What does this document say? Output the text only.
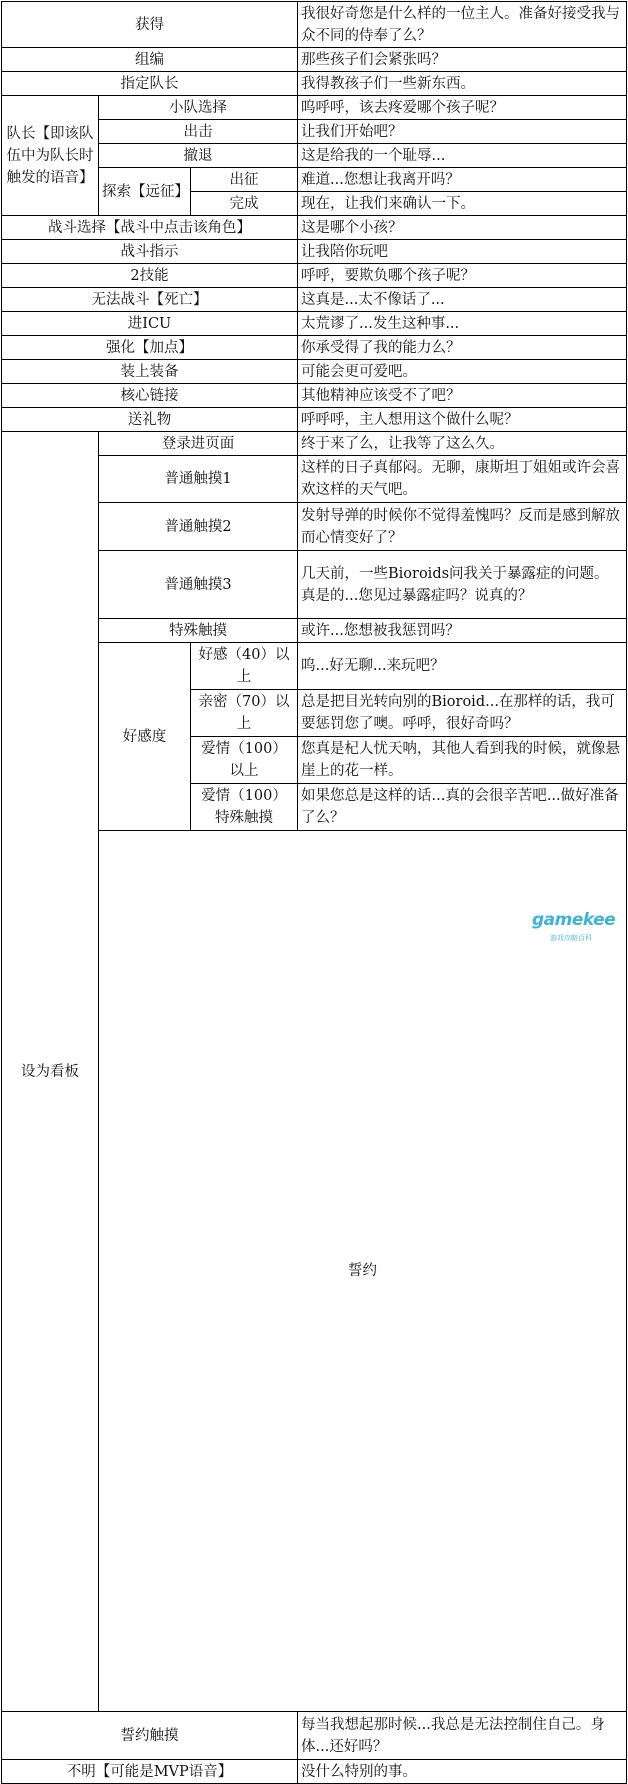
获得			我很好奇您是什么样的一位主人。准备好接受我与众不同的侍奉了么？	
组编			那些孩子们会紧张吗？	
指定队长			我得教孩子们一些新东西。	
队长【即该队伍中为队长时触发的语音】	小队选择		呜呼呼，该去疼爱哪个孩子呢？	
	出击		让我们开始吧？	
	撤退		这是给我的一个耻辱...	
	探索【远征】	出征	难道...您想让我离开吗？	
		完成	现在，让我们来确认一下。	
战斗选择【战斗中点击该角色】			这是哪个小孩？	
战斗指示			让我陪你玩吧	
2技能			呼呼，要欺负哪个孩子呢？	
无法战斗【死亡】			这真是...太不像话了...	
进ICU			太荒谬了...发生这种事...	
强化【加点】			你承受得了我的能力么？	
装上装备			可能会更可爱吧。	
核心链接			其他精神应该受不了吧？	
送礼物			呼呼呼，主人想用这个做什么呢？	
设为看板	登录进页面		终于来了么，让我等了这么久。	
	普通触摸1		这样的日子真郁闷。无聊，康斯坦丁姐姐或许会喜欢这样的天气吧。	
	普通触摸2		发射导弹的时候你不觉得羞愧吗？反而是感到解放而心情变好了？	
	普通触摸3		几天前，一些Bioroids问我关于暴露症的问题。真是的...您见过暴露症吗？说真的？	
	特殊触摸		或许...您想被我惩罚吗？	
	好感度	好感（40）以上	呜...好无聊...来玩吧？	
		亲密（70）以上	总是把目光转向别的Bioroid...在那样的话，我可要惩罚您了噢。呼呼，很好奇吗？	
		爱情（100）以上	您真是杞人忧天呐，其他人看到我的时候，就像悬崖上的花一样。	
		爱情（100）特殊触摸	如果您总是这样的话...真的会很辛苦吧...做好准备了么？	
	誓约	
誓约触摸			每当我想起那时候...我总是无法控制住自己。身体...还好吗？	
不明【可能是MVP语音】			没什么特别的事。	
gamekee
游戏攻略百科
